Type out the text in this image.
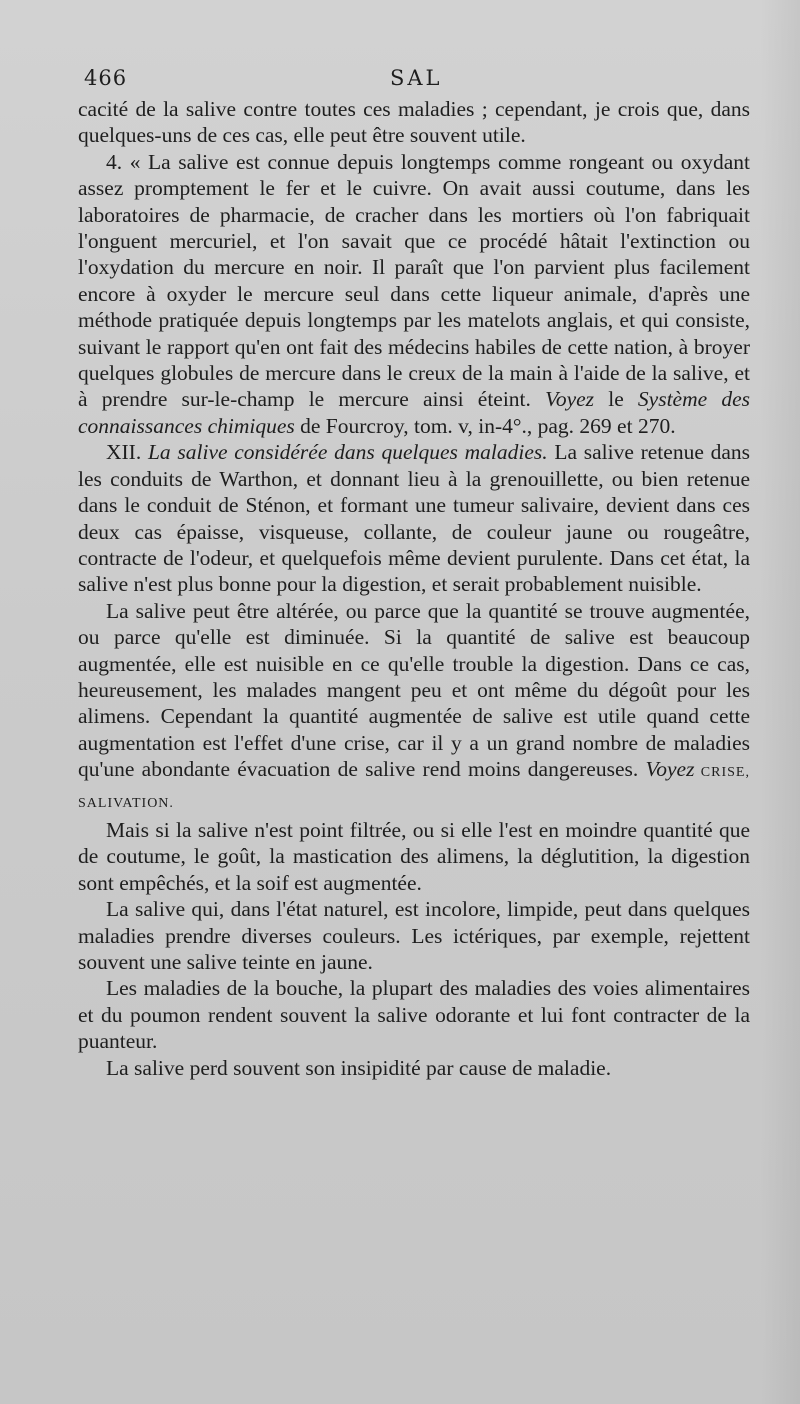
466	SAL

cacité de la salive contre toutes ces maladies ; cependant, je crois que, dans quelques-uns de ces cas, elle peut être souvent utile.

4. « La salive est connue depuis longtemps comme rongeant ou oxydant assez promptement le fer et le cuivre. On avait aussi coutume, dans les laboratoires de pharmacie, de cracher dans les mortiers où l'on fabriquait l'onguent mercuriel, et l'on savait que ce procédé hâtait l'extinction ou l'oxydation du mercure en noir. Il paraît que l'on parvient plus facilement encore à oxyder le mercure seul dans cette liqueur animale, d'après une méthode pratiquée depuis longtemps par les matelots anglais, et qui consiste, suivant le rapport qu'en ont fait des médecins habiles de cette nation, à broyer quelques globules de mercure dans le creux de la main à l'aide de la salive, et à prendre sur-le-champ le mercure ainsi éteint. Voyez le Système des connaissances chimiques de Fourcroy, tom. v, in-4°., pag. 269 et 270.

XII. La salive considérée dans quelques maladies. La salive retenue dans les conduits de Warthon, et donnant lieu à la grenouillette, ou bien retenue dans le conduit de Sténon, et formant une tumeur salivaire, devient dans ces deux cas épaisse, visqueuse, collante, de couleur jaune ou rougeâtre, contracte de l'odeur, et quelquefois même devient purulente. Dans cet état, la salive n'est plus bonne pour la digestion, et serait probablement nuisible.

La salive peut être altérée, ou parce que la quantité se trouve augmentée, ou parce qu'elle est diminuée. Si la quantité de salive est beaucoup augmentée, elle est nuisible en ce qu'elle trouble la digestion. Dans ce cas, heureusement, les malades mangent peu et ont même du dégoût pour les alimens. Cependant la quantité augmentée de salive est utile quand cette augmentation est l'effet d'une crise, car il y a un grand nombre de maladies qu'une abondante évacuation de salive rend moins dangereuses. Voyez CRISE, SALIVATION.

Mais si la salive n'est point filtrée, ou si elle l'est en moindre quantité que de coutume, le goût, la mastication des alimens, la déglutition, la digestion sont empêchés, et la soif est augmentée.

La salive qui, dans l'état naturel, est incolore, limpide, peut dans quelques maladies prendre diverses couleurs. Les ictériques, par exemple, rejettent souvent une salive teinte en jaune.

Les maladies de la bouche, la plupart des maladies des voies alimentaires et du poumon rendent souvent la salive odorante et lui font contracter de la puanteur.

La salive perd souvent son insipidité par cause de maladie.
